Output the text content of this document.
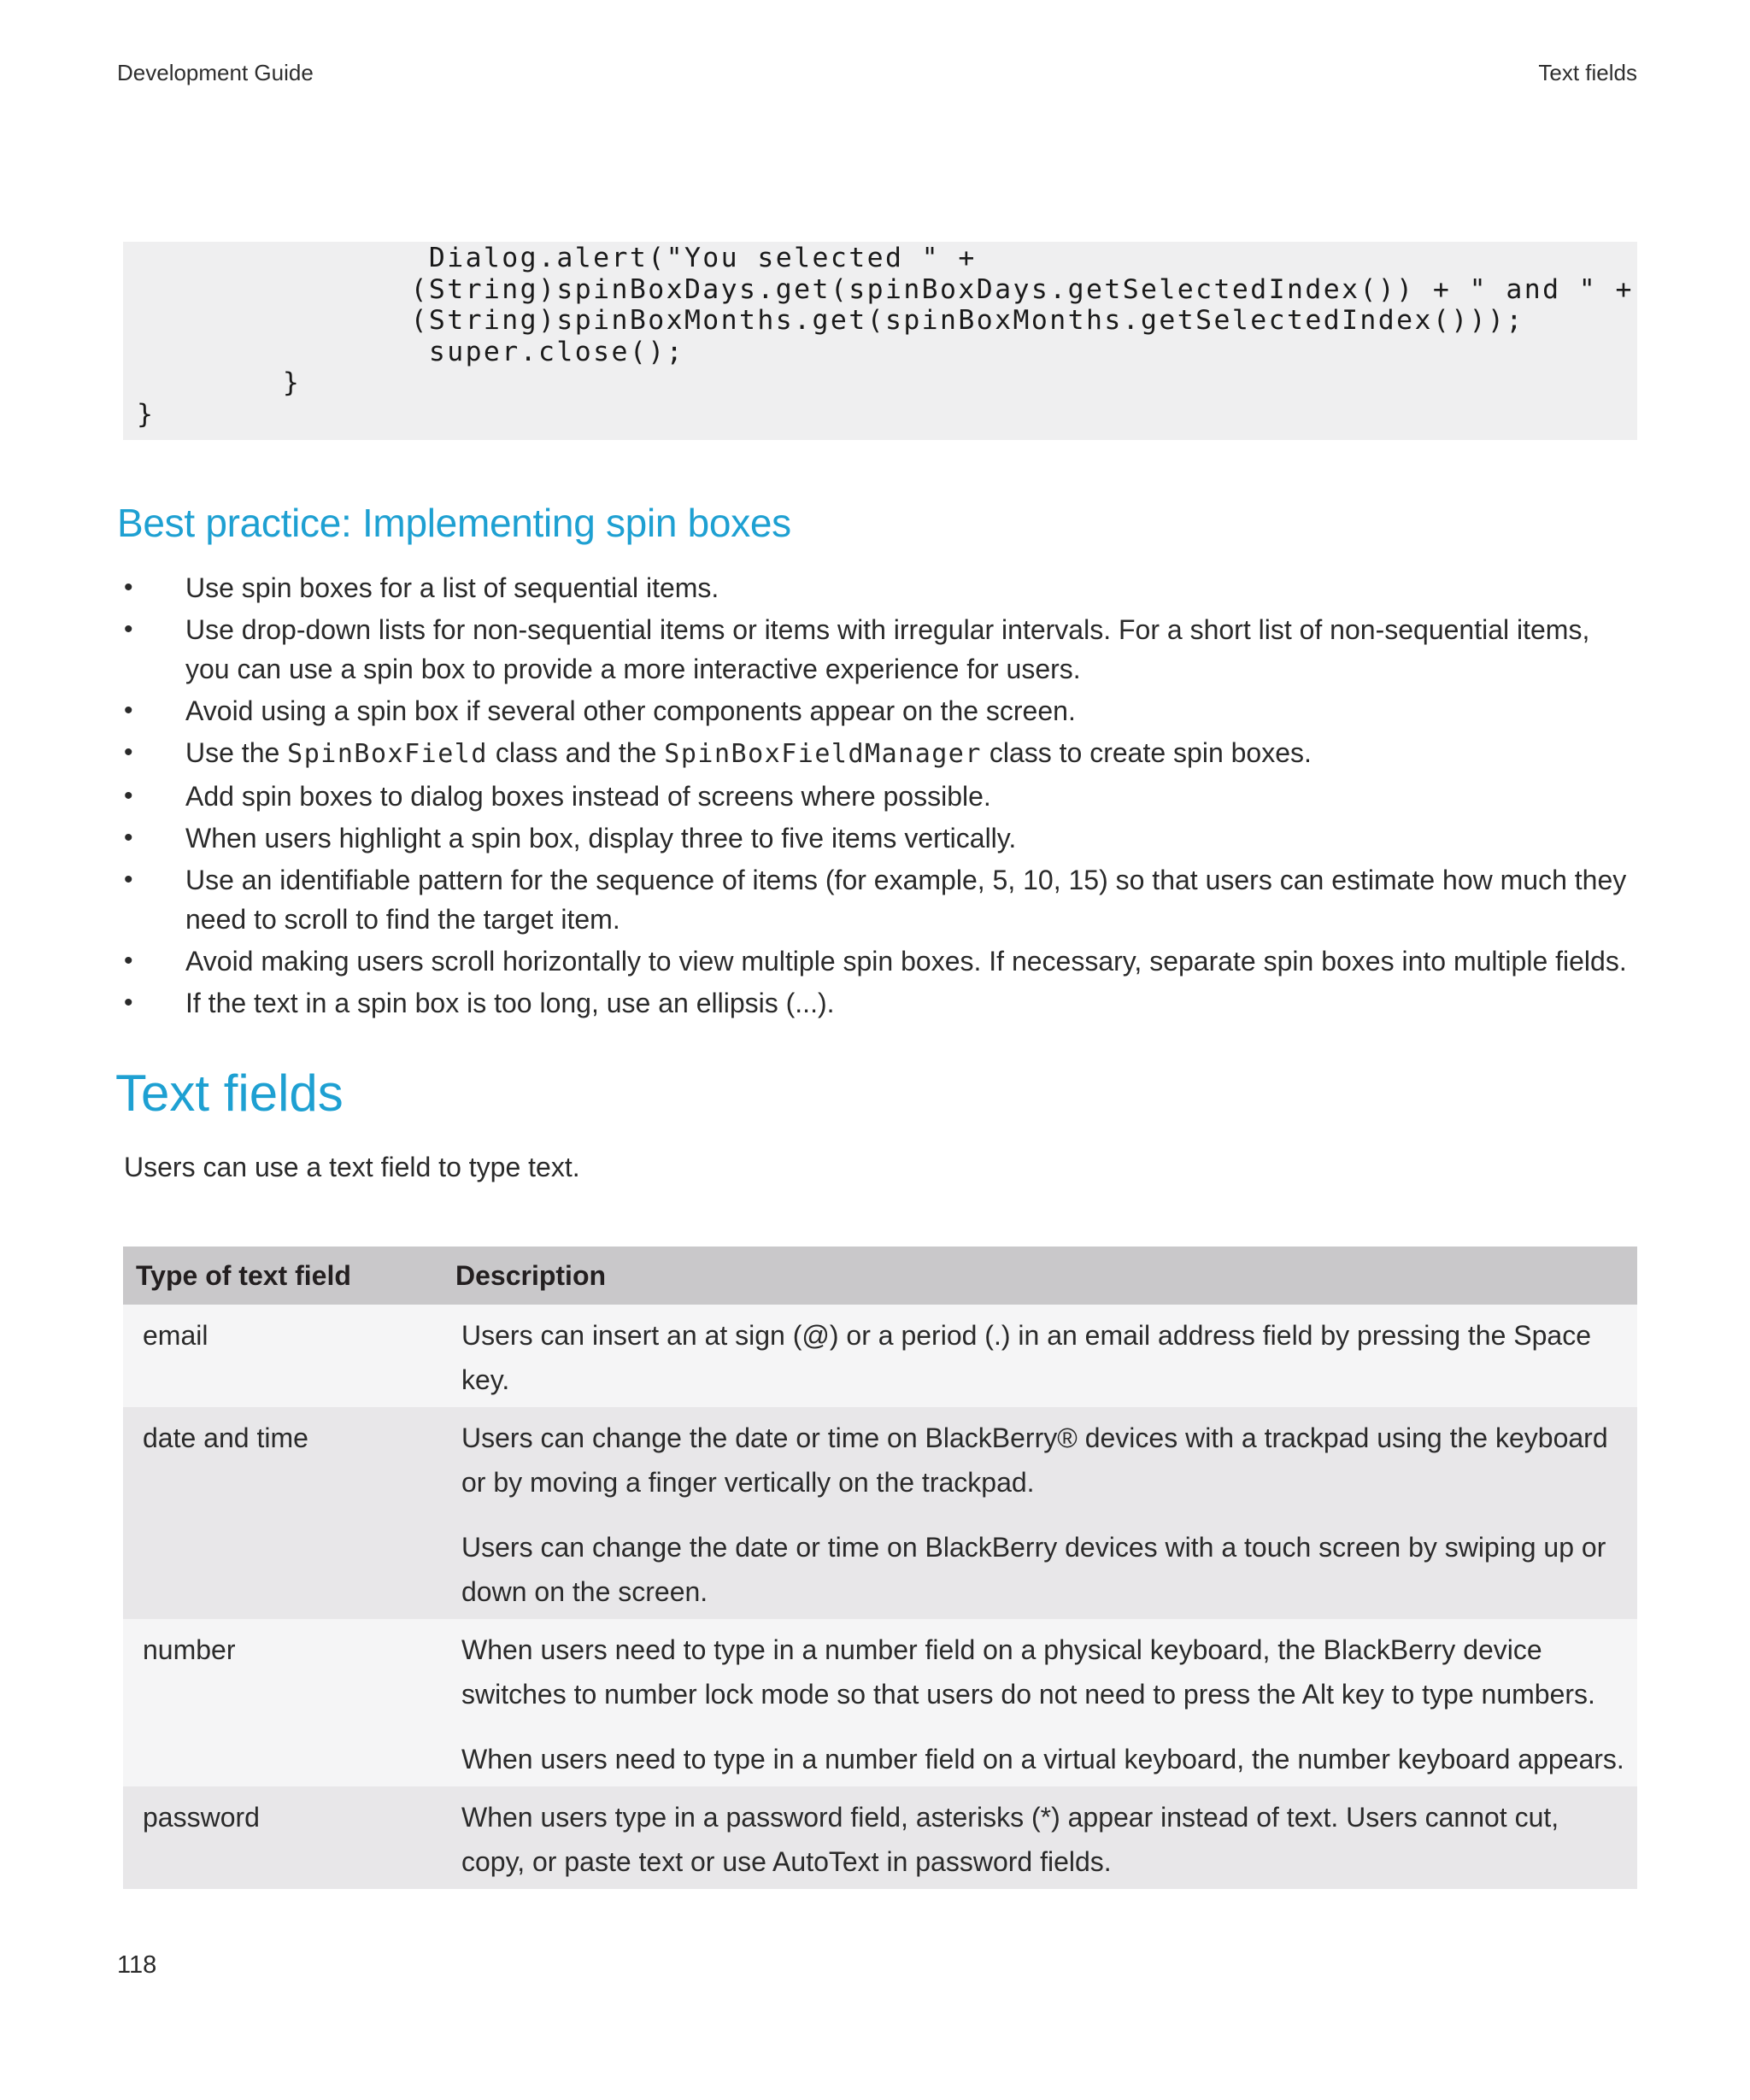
Development Guide	Text fields
Dialog.alert("You selected " +
(String)spinBoxDays.get(spinBoxDays.getSelectedIndex()) + " and " +
(String)spinBoxMonths.get(spinBoxMonths.getSelectedIndex()));
super.close();
}
}
Best practice: Implementing spin boxes
• Use spin boxes for a list of sequential items.
• Use drop-down lists for non-sequential items or items with irregular intervals. For a short list of non-sequential items, you can use a spin box to provide a more interactive experience for users.
• Avoid using a spin box if several other components appear on the screen.
• Use the SpinBoxField class and the SpinBoxFieldManager class to create spin boxes.
• Add spin boxes to dialog boxes instead of screens where possible.
• When users highlight a spin box, display three to five items vertically.
• Use an identifiable pattern for the sequence of items (for example, 5, 10, 15) so that users can estimate how much they need to scroll to find the target item.
• Avoid making users scroll horizontally to view multiple spin boxes. If necessary, separate spin boxes into multiple fields.
• If the text in a spin box is too long, use an ellipsis (...).
Text fields
Users can use a text field to type text.
Type of text field	Description
email	Users can insert an at sign (@) or a period (.) in an email address field by pressing the Space key.

date and time	Users can change the date or time on BlackBerry® devices with a trackpad using the keyboard or by moving a finger vertically on the trackpad.

Users can change the date or time on BlackBerry devices with a touch screen by swiping up or down on the screen.

number	When users need to type in a number field on a physical keyboard, the BlackBerry device switches to number lock mode so that users do not need to press the Alt key to type numbers.

When users need to type in a number field on a virtual keyboard, the number keyboard appears.

password	When users type in a password field, asterisks (*) appear instead of text. Users cannot cut, copy, or paste text or use AutoText in password fields.

118
